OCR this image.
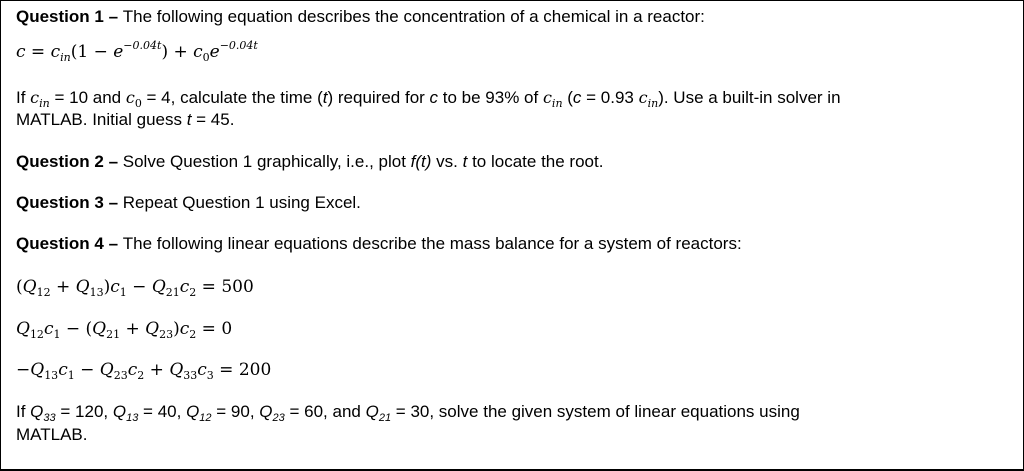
Question 1 – The following equation describes the concentration of a chemical in a reactor:
$c = c_{in}(1 - e^{-0.04t}) + c_0e^{-0.04t}$
If $c_{in} = 10$ and $c_0 = 4$, calculate the time (t) required for c to be 93% of $c_{in}$ (c = 0.93 $c_{in}$). Use a built-in solver in
MATLAB. Initial guess t = 45.
Question 2 – Solve Question 1 graphically, i.e., plot f(t) vs. t to locate the root.
Question 3 – Repeat Question 1 using Excel.
Question 4 – The following linear equations describe the mass balance for a system of reactors:
$(Q_{12} + Q_{13})c_1 - Q_{21}c_2 = 500$
$Q_{12}c_1 - (Q_{21} + Q_{23})c_2 = 0$
$-Q_{13}c_1 - Q_{23}c_2 + Q_{33}c_3 = 200$
If $Q_{33} = 120$, $Q_{13} = 40$, $Q_{12} = 90$, $Q_{23} = 60$, and $Q_{21} = 30$, solve the given system of linear equations using
MATLAB.
